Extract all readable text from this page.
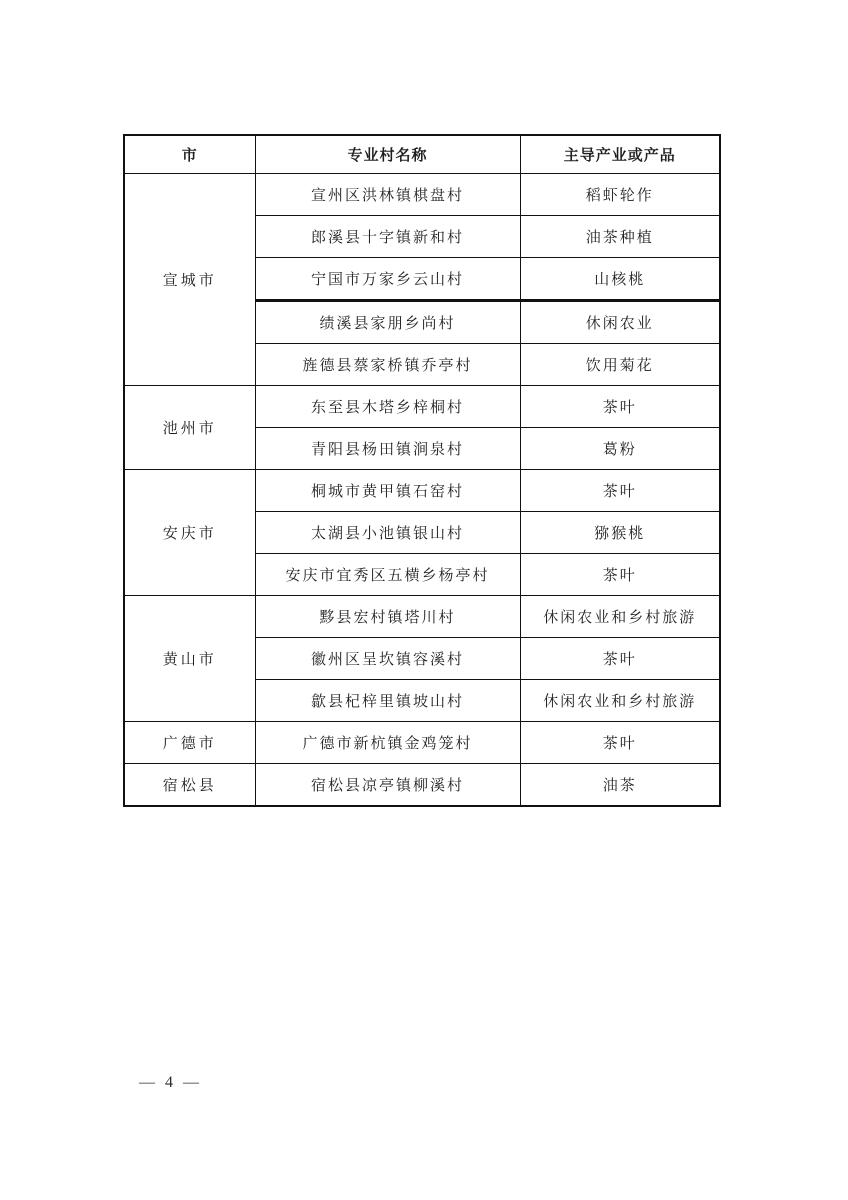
市	专业村名称	主导产业或产品
宣城市	宣州区洪林镇棋盘村	稻虾轮作
	郎溪县十字镇新和村	油茶种植
	宁国市万家乡云山村	山核桃
	绩溪县家朋乡尚村	休闲农业
	旌德县蔡家桥镇乔亭村	饮用菊花
池州市	东至县木塔乡梓桐村	茶叶
	青阳县杨田镇涧泉村	葛粉
安庆市	桐城市黄甲镇石窑村	茶叶
	太湖县小池镇银山村	猕猴桃
	安庆市宜秀区五横乡杨亭村	茶叶
黄山市	黟县宏村镇塔川村	休闲农业和乡村旅游
	徽州区呈坎镇容溪村	茶叶
	歙县杞梓里镇坡山村	休闲农业和乡村旅游
广德市	广德市新杭镇金鸡笼村	茶叶
宿松县	宿松县凉亭镇柳溪村	油茶
— 4 —
